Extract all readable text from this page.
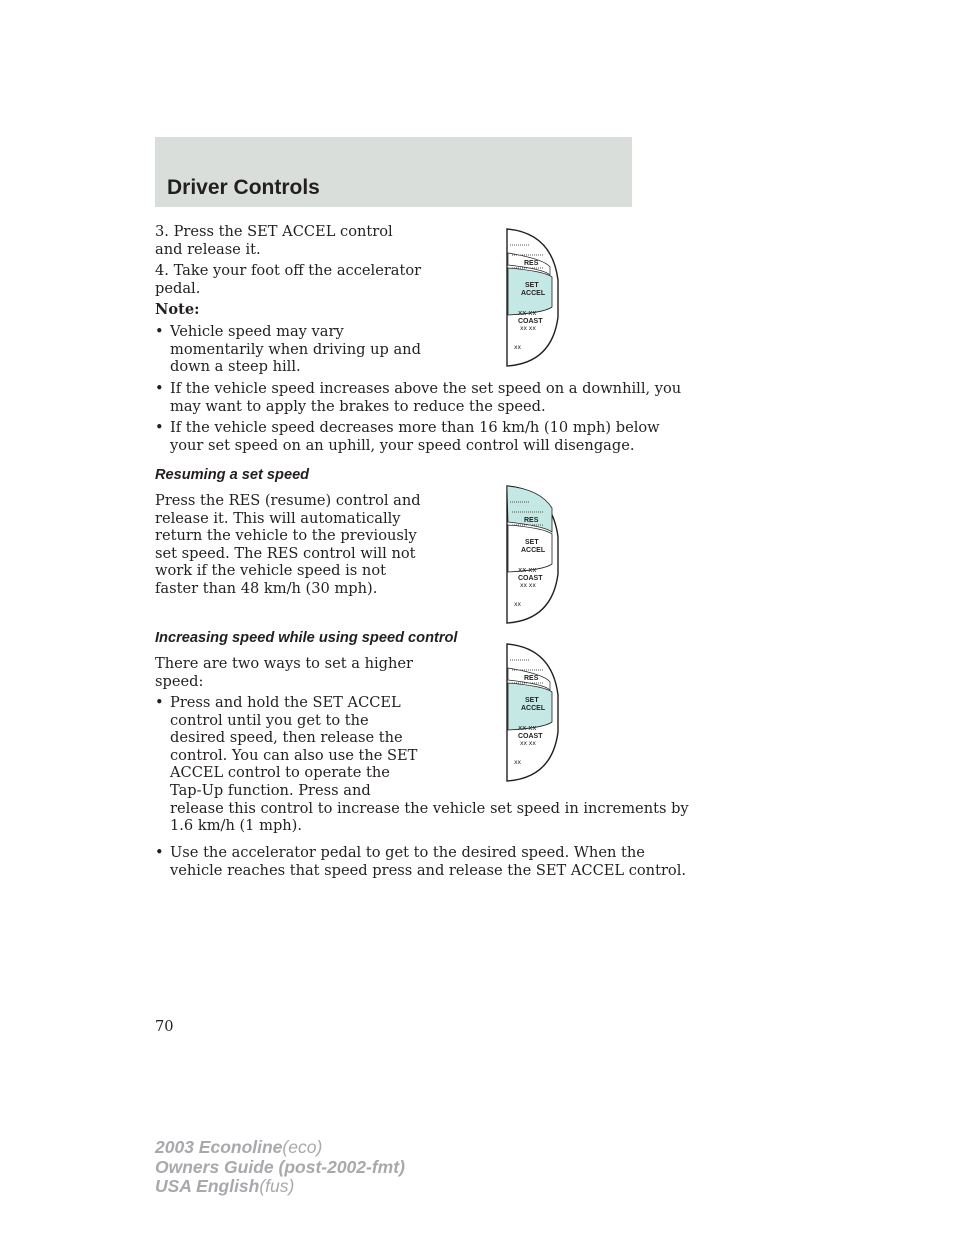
Driver Controls
3. Press the SET ACCEL control
and release it.
4. Take your foot off the accelerator
pedal.
Note:
• Vehicle speed may vary
momentarily when driving up and
down a steep hill.
• If the vehicle speed increases above the set speed on a downhill, you
may want to apply the brakes to reduce the speed.
• If the vehicle speed decreases more than 16 km/h (10 mph) below
your set speed on an uphill, your speed control will disengage.
Resuming a set speed
Press the RES (resume) control and
release it. This will automatically
return the vehicle to the previously
set speed. The RES control will not
work if the vehicle speed is not
faster than 48 km/h (30 mph).
Increasing speed while using speed control
There are two ways to set a higher
speed:
• Press and hold the SET ACCEL
control until you get to the
desired speed, then release the
control. You can also use the SET
ACCEL control to operate the
Tap-Up function. Press and
release this control to increase the vehicle set speed in increments by
1.6 km/h (1 mph).
• Use the accelerator pedal to get to the desired speed. When the
vehicle reaches that speed press and release the SET ACCEL control.
RES
SET
ACCEL
ⅹⅹ ⅹⅹ
COAST
ⅹⅹ ⅹⅹ
ⅹⅹ
RES
SET
ACCEL
ⅹⅹ ⅹⅹ
COAST
ⅹⅹ ⅹⅹ
ⅹⅹ
RES
SET
ACCEL
ⅹⅹ ⅹⅹ
COAST
ⅹⅹ ⅹⅹ
ⅹⅹ
70
2003 Econoline(eco)
Owners Guide (post-2002-fmt)
USA English(fus)
